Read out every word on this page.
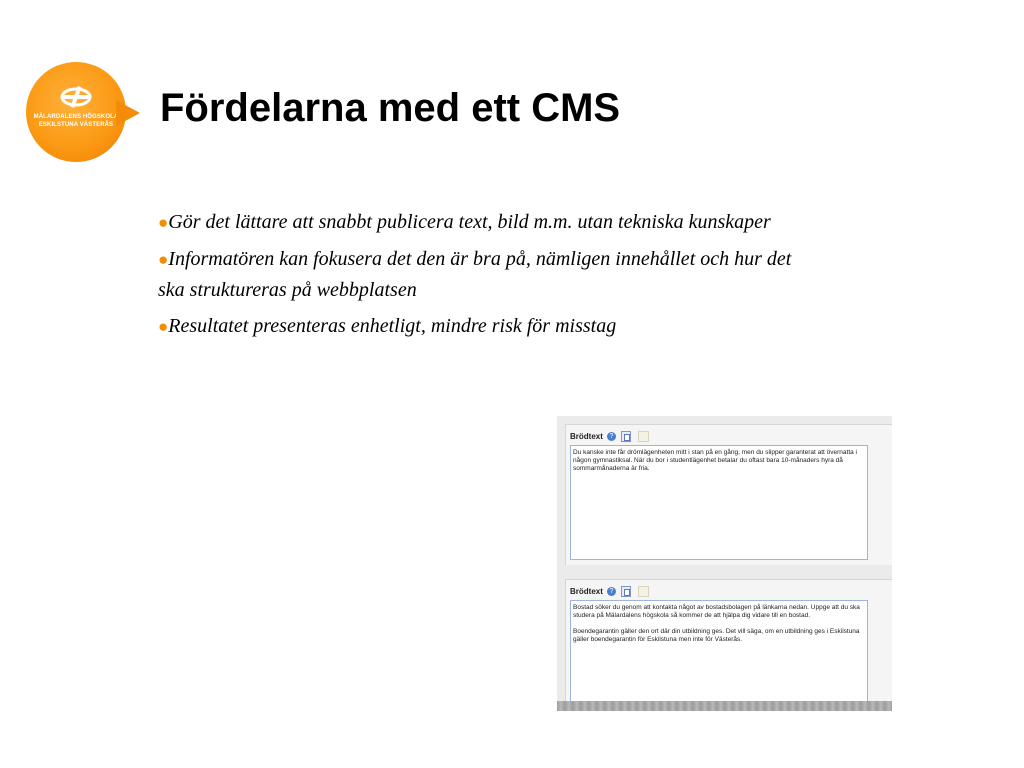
MÄLARDALENS HÖGSKOLA
ESKILSTUNA VÄSTERÅS	Fördelarna med ett CMS
●Gör det lättare att snabbt publicera text, bild m.m. utan tekniska kunskaper
●Informatören kan fokusera det den är bra på, nämligen innehållet och hur det ska struktureras på webbplatsen
●Resultatet presenteras enhetligt, mindre risk för misstag
Brödtext ?

Du kanske inte får drömlägenheten mitt i stan på en gång, men du slipper garanterat att övernatta i någon gymnastiksal. När du bor i studentlägenhet betalar du oftast bara 10-månaders hyra då sommarmånaderna är fria.

Brödtext ?

Bostad söker du genom att kontakta något av bostadsbolagen på länkarna nedan. Uppge att du ska studera på Mälardalens högskola så kommer de att hjälpa dig vidare till en bostad.

Boendegarantin gäller den ort där din utbildning ges. Det vill säga, om en utbildning ges i Eskilstuna gäller boendegarantin för Eskilstuna men inte för Västerås.
